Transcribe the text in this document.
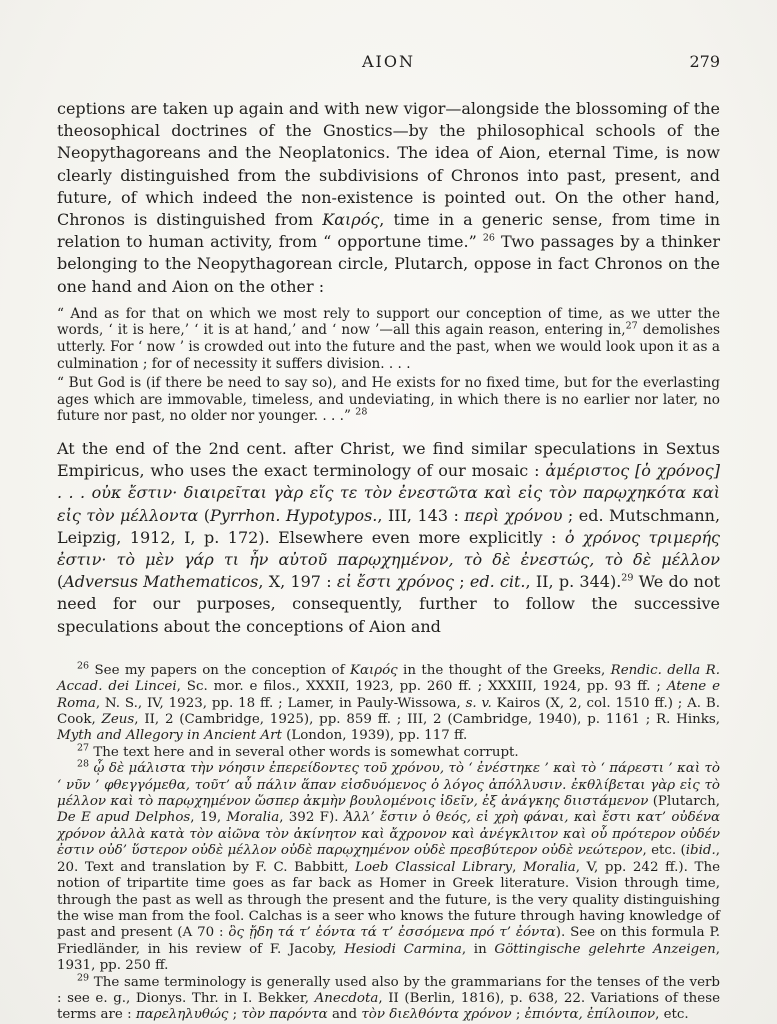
AION	279

ceptions are taken up again and with new vigor—alongside the blossoming of the theosophical doctrines of the Gnostics—by the philosophical schools of the Neopythagoreans and the Neoplatonics. The idea of Aion, eternal Time, is now clearly distinguished from the subdivisions of Chronos into past, present, and future, of which indeed the non-existence is pointed out. On the other hand, Chronos is distinguished from Καιρός, time in a generic sense, from time in relation to human activity, from “ opportune time.” $^{26}$ Two passages by a thinker belonging to the Neopythagorean circle, Plutarch, oppose in fact Chronos on the one hand and Aion on the other :

“ And as for that on which we most rely to support our conception of time, as we utter the words, ‘ it is here,’ ‘ it is at hand,’ and ‘ now ’—all this again reason, entering in,$^{27}$ demolishes utterly. For ‘ now ’ is crowded out into the future and the past, when we would look upon it as a culmination ; for of necessity it suffers division. . . .

“ But God is (if there be need to say so), and He exists for no fixed time, but for the everlasting ages which are immovable, timeless, and undeviating, in which there is no earlier nor later, no future nor past, no older nor younger. . . .” $^{28}$

At the end of the 2nd cent. after Christ, we find similar speculations in Sextus Empiricus, who uses the exact terminology of our mosaic : ἀμέριστος [ὁ χρόνος] . . . οὐκ ἔστιν· διαιρεῖται γὰρ εἴς τε τὸν ἐνεστῶτα καὶ εἰς τὸν παρῳχηκότα καὶ εἰς τὸν μέλλοντα (Pyrrhon. Hypotypos., III, 143 : περὶ χρόνου ; ed. Mutschmann, Leipzig, 1912, I, p. 172). Elsewhere even more explicitly : ὁ χρόνος τριμερής ἐστιν· τὸ μὲν γάρ τι ἦν αὐτοῦ παρῳχημένον, τὸ δὲ ἐνεστώς, τὸ δὲ μέλλον (Adversus Mathematicos, X, 197 : εἰ ἔστι χρόνος ; ed. cit., II, p. 344).$^{29}$ We do not need for our purposes, consequently, further to follow the successive speculations about the conceptions of Aion and

$^{26}$ See my papers on the conception of Καιρός in the thought of the Greeks, Rendic. della R. Accad. dei Lincei, Sc. mor. e filos., XXXII, 1923, pp. 260 ff. ; XXXIII, 1924, pp. 93 ff. ; Atene e Roma, N. S., IV, 1923, pp. 18 ff. ; Lamer, in Pauly-Wissowa, s. v. Kairos (X, 2, col. 1510 ff.) ; A. B. Cook, Zeus, II, 2 (Cambridge, 1925), pp. 859 ff. ; III, 2 (Cambridge, 1940), p. 1161 ; R. Hinks, Myth and Allegory in Ancient Art (London, 1939), pp. 117 ff.

$^{27}$ The text here and in several other words is somewhat corrupt.

$^{28}$ ᾧ δὲ μάλιστα τὴν νόησιν ἐπερείδοντες τοῦ χρόνου, τὸ ‘ ἐνέστηκε ’ καὶ τὸ ‘ πάρεστι ’ καὶ τὸ ‘ νῦν ’ φθεγγόμεθα, τοῦτ’ αὖ πάλιν ἅπαν εἰσδυόμενος ὁ λόγος ἀπόλλυσιν. ἐκθλίβεται γὰρ εἰς τὸ μέλλον καὶ τὸ παρῳχημένον ὥσπερ ἀκμὴν βουλομένοις ἰδεῖν, ἐξ ἀνάγκης διιστάμενον (Plutarch, De E apud Delphos, 19, Moralia, 392 F). Ἀλλ’ ἔστιν ὁ θεός, εἰ χρὴ φάναι, καὶ ἔστι κατ’ οὐδένα χρόνον ἀλλὰ κατὰ τὸν αἰῶνα τὸν ἀκίνητον καὶ ἄχρονον καὶ ἀνέγκλιτον καὶ οὗ πρότερον οὐδέν ἐστιν οὐδ’ ὕστερον οὐδὲ μέλλον οὐδὲ παρῳχημένον οὐδὲ πρεσβύτερον οὐδὲ νεώτερον, etc. (ibid., 20. Text and translation by F. C. Babbitt, Loeb Classical Library, Moralia, V, pp. 242 ff.). The notion of tripartite time goes as far back as Homer in Greek literature. Vision through time, through the past as well as through the present and the future, is the very quality distinguishing the wise man from the fool. Calchas is a seer who knows the future through having knowledge of past and present (Α 70 : ὃς ᾔδη τά τ’ ἐόντα τά τ’ ἐσσόμενα πρό τ’ ἐόντα). See on this formula P. Friedländer, in his review of F. Jacoby, Hesiodi Carmina, in Göttingische gelehrte Anzeigen, 1931, pp. 250 ff.

$^{29}$ The same terminology is generally used also by the grammarians for the tenses of the verb : see e. g., Dionys. Thr. in I. Bekker, Anecdota, II (Berlin, 1816), p. 638, 22. Variations of these terms are : παρεληλυθώς ; τὸν παρόντα and τὸν διελθόντα χρόνον ; ἐπιόντα, ἐπίλοιπον, etc.
